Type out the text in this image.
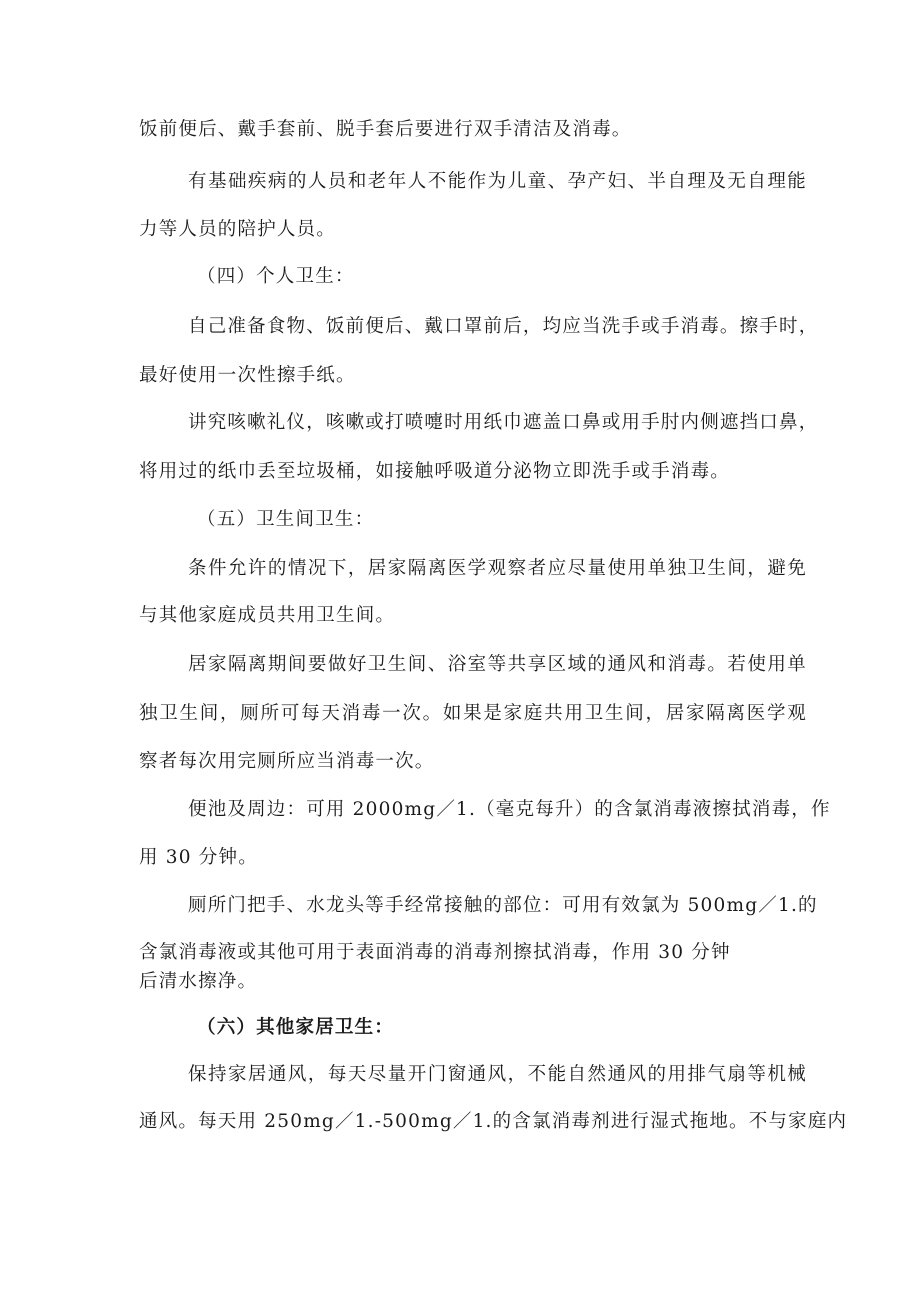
饭前便后、戴手套前、脱手套后要进行双手清洁及消毒。
有基础疾病的人员和老年人不能作为儿童、孕产妇、半自理及无自理能
力等人员的陪护人员。
（四）个人卫生：
自己准备食物、饭前便后、戴口罩前后，均应当洗手或手消毒。擦手时，
最好使用一次性擦手纸。
讲究咳嗽礼仪，咳嗽或打喷嚏时用纸巾遮盖口鼻或用手肘内侧遮挡口鼻，
将用过的纸巾丢至垃圾桶，如接触呼吸道分泌物立即洗手或手消毒。
（五）卫生间卫生：
条件允许的情况下，居家隔离医学观察者应尽量使用单独卫生间，避免
与其他家庭成员共用卫生间。
居家隔离期间要做好卫生间、浴室等共享区域的通风和消毒。若使用单
独卫生间，厕所可每天消毒一次。如果是家庭共用卫生间，居家隔离医学观
察者每次用完厕所应当消毒一次。
便池及周边：可用 2000mg／1.（毫克每升）的含氯消毒液擦拭消毒，作
用 30 分钟。
厕所门把手、水龙头等手经常接触的部位：可用有效氯为 500mg／1.的
含氯消毒液或其他可用于表面消毒的消毒剂擦拭消毒，作用 30 分钟
后清水擦净。
（六）其他家居卫生：
保持家居通风，每天尽量开门窗通风，不能自然通风的用排气扇等机械
通风。每天用 250mg／1.-500mg／1.的含氯消毒剂进行湿式拖地。不与家庭内
